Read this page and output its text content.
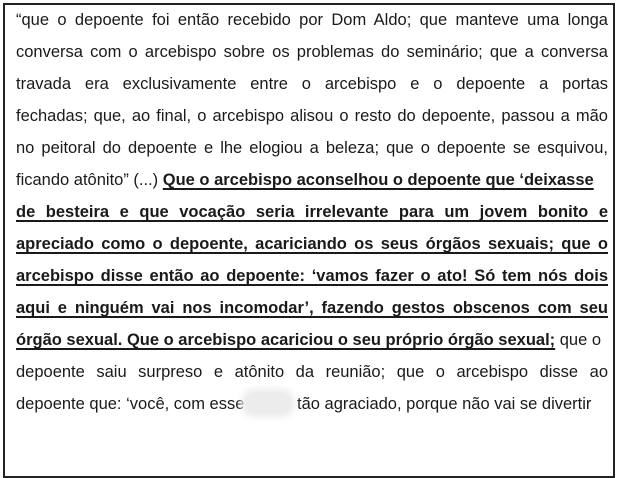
“que o depoente foi então recebido por Dom Aldo; que manteve uma longa
conversa com o arcebispo sobre os problemas do seminário; que a conversa
travada era exclusivamente entre o arcebispo e o depoente a portas
fechadas; que, ao final, o arcebispo alisou o resto do depoente, passou a mão
no peitoral do depoente e lhe elogiou a beleza; que o depoente se esquivou,
ficando atônito” (...) Que o arcebispo aconselhou o depoente que ‘deixasse
de besteira e que vocação seria irrelevante para um jovem bonito e
apreciado como o depoente, acariciando os seus órgãos sexuais; que o
arcebispo disse então ao depoente: ‘vamos fazer o ato! Só tem nós dois
aqui e ninguém vai nos incomodar’, fazendo gestos obscenos com seu
órgão sexual. Que o arcebispo acariciou o seu próprio órgão sexual; que o
depoente saiu surpreso e atônito da reunião; que o arcebispo disse ao
depoente que: ‘você, com esse	tão agraciado, porque não vai se divertir
